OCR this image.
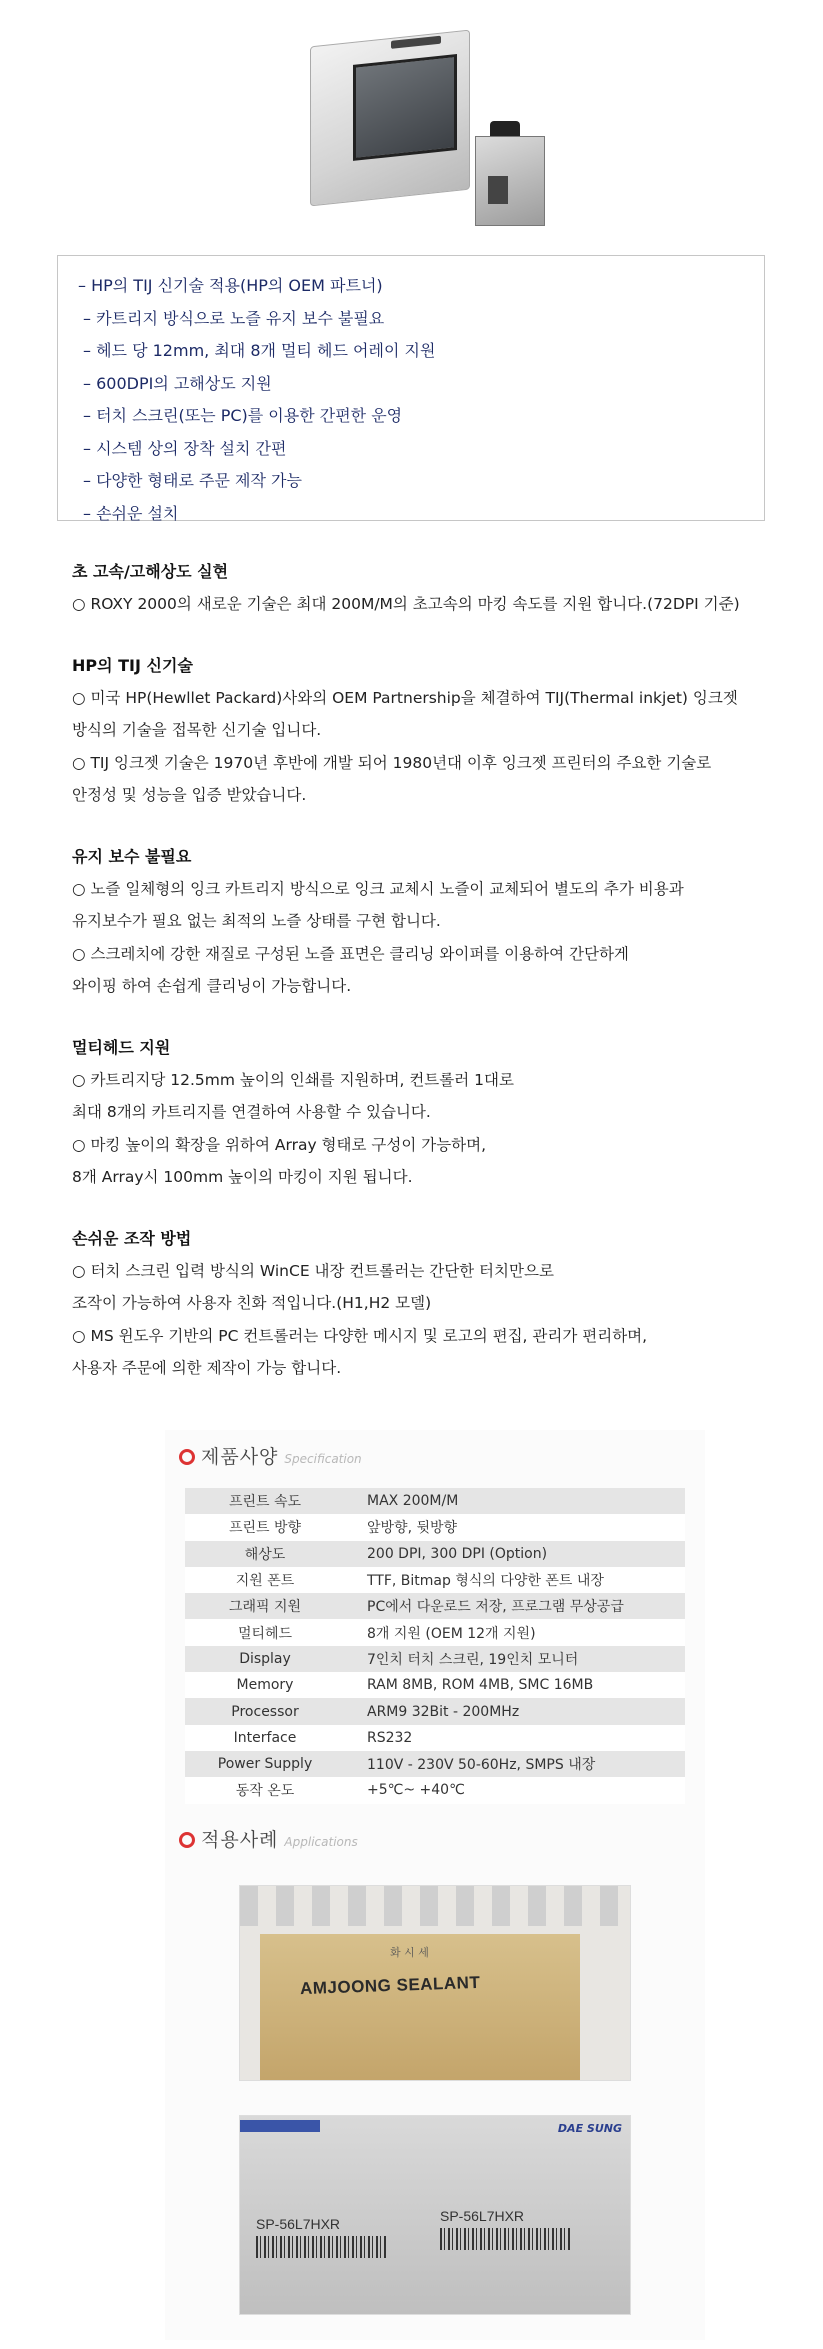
– HP의 TIJ 신기술 적용(HP의 OEM 파트너)
– 카트리지 방식으로 노즐 유지 보수 불필요
– 헤드 당 12mm, 최대 8개 멀티 헤드 어레이 지원
– 600DPI의 고해상도 지원
– 터치 스크린(또는 PC)를 이용한 간편한 운영
– 시스템 상의 장착 설치 간편
– 다양한 형태로 주문 제작 가능
– 손쉬운 설치
초 고속/고해상도 실현

○ ROXY 2000의 새로운 기술은 최대 200M/M의 초고속의 마킹 속도를 지원 합니다.(72DPI 기준)

HP의 TIJ 신기술

○ 미국 HP(Hewllet Packard)사와의 OEM Partnership을 체결하여 TIJ(Thermal inkjet) 잉크젯

방식의 기술을 접목한 신기술 입니다.

○ TIJ 잉크젯 기술은 1970년 후반에 개발 되어 1980년대 이후 잉크젯 프린터의 주요한 기술로

안정성 및 성능을 입증 받았습니다.

유지 보수 불필요

○ 노즐 일체형의 잉크 카트리지 방식으로 잉크 교체시 노즐이 교체되어 별도의 추가 비용과

유지보수가 필요 없는 최적의 노즐 상태를 구현 합니다.

○ 스크레치에 강한 재질로 구성된 노즐 표면은 클리닝 와이퍼를 이용하여 간단하게

와이핑 하여 손쉽게 클리닝이 가능합니다.

멀티헤드 지원

○ 카트리지당 12.5mm 높이의 인쇄를 지원하며, 컨트롤러 1대로

최대 8개의 카트리지를 연결하여 사용할 수 있습니다.

○ 마킹 높이의 확장을 위하여 Array 형태로 구성이 가능하며,

8개 Array시 100mm 높이의 마킹이 지원 됩니다.

손쉬운 조작 방법

○ 터치 스크린 입력 방식의 WinCE 내장 컨트롤러는 간단한 터치만으로

조작이 가능하여 사용자 친화 적입니다.(H1,H2 모델)

○ MS 윈도우 기반의 PC 컨트롤러는 다양한 메시지 및 로고의 편집, 관리가 편리하며,

사용자 주문에 의한 제작이 가능 합니다.

제품사양 Specification
프린트 속도	MAX 200M/M
프린트 방향	앞방향, 뒷방향
해상도	200 DPI, 300 DPI (Option)
지원 폰트	TTF, Bitmap 형식의 다양한 폰트 내장
그래픽 지원	PC에서 다운로드 저장, 프로그램 무상공급
멀티헤드	8개 지원 (OEM 12개 지원)
Display	7인치 터치 스크린, 19인치 모니터
Memory	RAM 8MB, ROM 4MB, SMC 16MB
Processor	ARM9 32Bit - 200MHz
Interface	RS232
Power Supply	110V - 230V 50-60Hz, SMPS 내장
동작 온도	+5℃~ +40℃
적용사례 Applications
화 시 세
AMJOONG SEALANT
DAE SUNG
SP-56L7HXR	SP-56L7HXR
